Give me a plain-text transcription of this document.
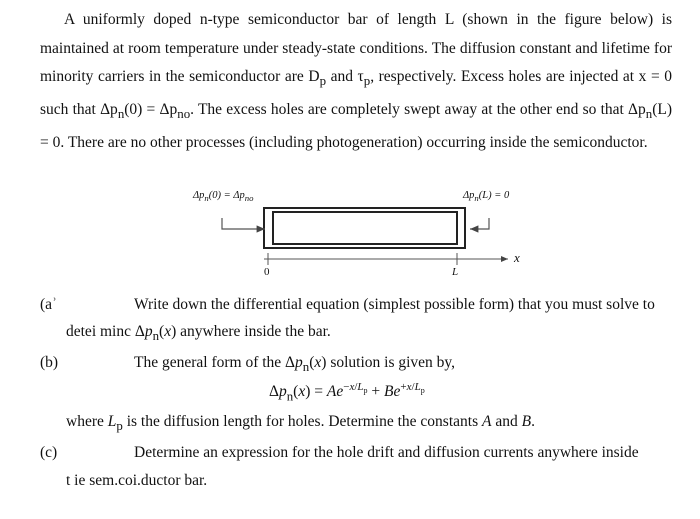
A uniformly doped n-type semiconductor bar of length L (shown in the figure below) is maintained at room temperature under steady-state conditions. The diffusion constant and lifetime for minority carriers in the semiconductor are $D_p$ and $\tau_p$, respectively. Excess holes are injected at x = 0 such that $\Delta p_n(0) = \Delta p_{no}$. The excess holes are completely swept away at the other end so that $\Delta p_n(L) = 0$. There are no other processes (including photogeneration) occurring inside the semiconductor.

$\Delta p_n(0) = \Delta p_{no}$	$\Delta p_n(L) = 0$
0	L
x
(aʾ	Write down the differential equation (simplest possible form) that you must solve to
detei minc $\Delta p_n(x)$ anywhere inside the bar.
(b)	The general form of the $\Delta p_n(x)$ solution is given by,
$\Delta p_n(x) = Ae^{-x/L_p} + Be^{+x/L_p}$
where $L_p$ is the diffusion length for holes. Determine the constants A and B.
(c)	Determine an expression for the hole drift and diffusion currents anywhere inside
t ie sem.coi.ductor bar.
